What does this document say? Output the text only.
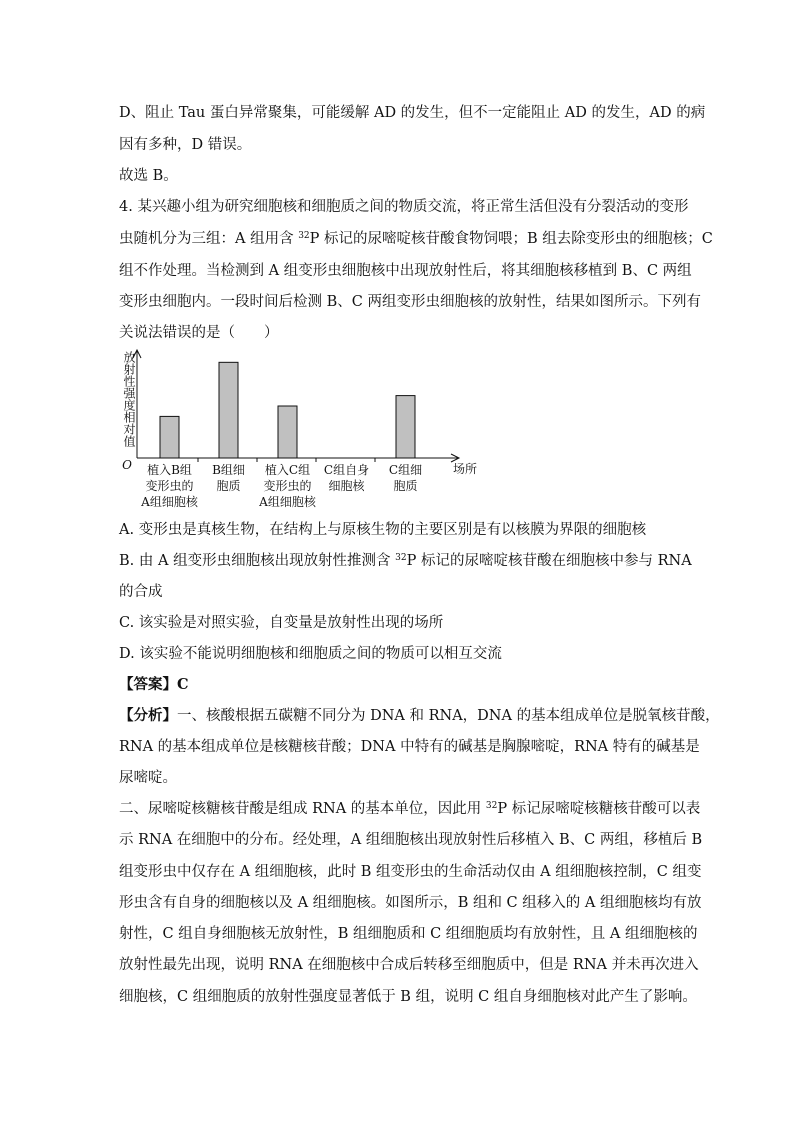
D、阻止 Tau 蛋白异常聚集，可能缓解 AD 的发生，但不一定能阻止 AD 的发生，AD 的病
因有多种，D 错误。
故选 B。
4. 某兴趣小组为研究细胞核和细胞质之间的物质交流，将正常生活但没有分裂活动的变形
组不作处理。当检测到 A 组变形虫细胞核中出现放射性后，将其细胞核移植到 B、C 两组
变形虫细胞内。一段时间后检测 B、C 两组变形虫细胞核的放射性，结果如图所示。下列有
关说法错误的是（　　）
A. 变形虫是真核生物，在结构上与原核生物的主要区别是有以核膜为界限的细胞核
的合成
C. 该实验是对照实验，自变量是放射性出现的场所
D. 该实验不能说明细胞核和细胞质之间的物质可以相互交流
RNA 的基本组成单位是核糖核苷酸；DNA 中特有的碱基是胸腺嘧啶，RNA 特有的碱基是
尿嘧啶。
组变形虫中仅存在 A 组细胞核，此时 B 组变形虫的生命活动仅由 A 组细胞核控制，C 组变
形虫含有自身的细胞核以及 A 组细胞核。如图所示，B 组和 C 组移入的 A 组细胞核均有放
射性，C 组自身细胞核无放射性，B 组细胞质和 C 组细胞质均有放射性，且 A 组细胞核的
放射性最先出现，说明 RNA 在细胞核中合成后转移至细胞质中，但是 RNA 并未再次进入
细胞核，C 组细胞质的放射性强度显著低于 B 组，说明 C 组自身细胞核对此产生了影响。
虫随机分为三组：A 组用含 $^{32}$P 标记的尿嘧啶核苷酸食物饲喂；B 组去除变形虫的细胞核；C
B. 由 A 组变形虫细胞核出现放射性推测含 $^{32}$P 标记的尿嘧啶核苷酸在细胞核中参与 RNA
【答案】C
【分析】一、核酸根据五碳糖不同分为 DNA 和 RNA，DNA 的基本组成单位是脱氧核苷酸，
二、尿嘧啶核糖核苷酸是组成 RNA 的基本单位，因此用 $^{32}$P 标记尿嘧啶核糖核苷酸可以表
示 RNA 在细胞中的分布。经处理，A 组细胞核出现放射性后移植入 B、C 两组，移植后 B
放射性强度相对值
O	场所
植入B组
变形虫的
A组细胞核
B组细
胞质
植入C组
变形虫的
A组细胞核
C组自身
细胞核
C组细
胞质
